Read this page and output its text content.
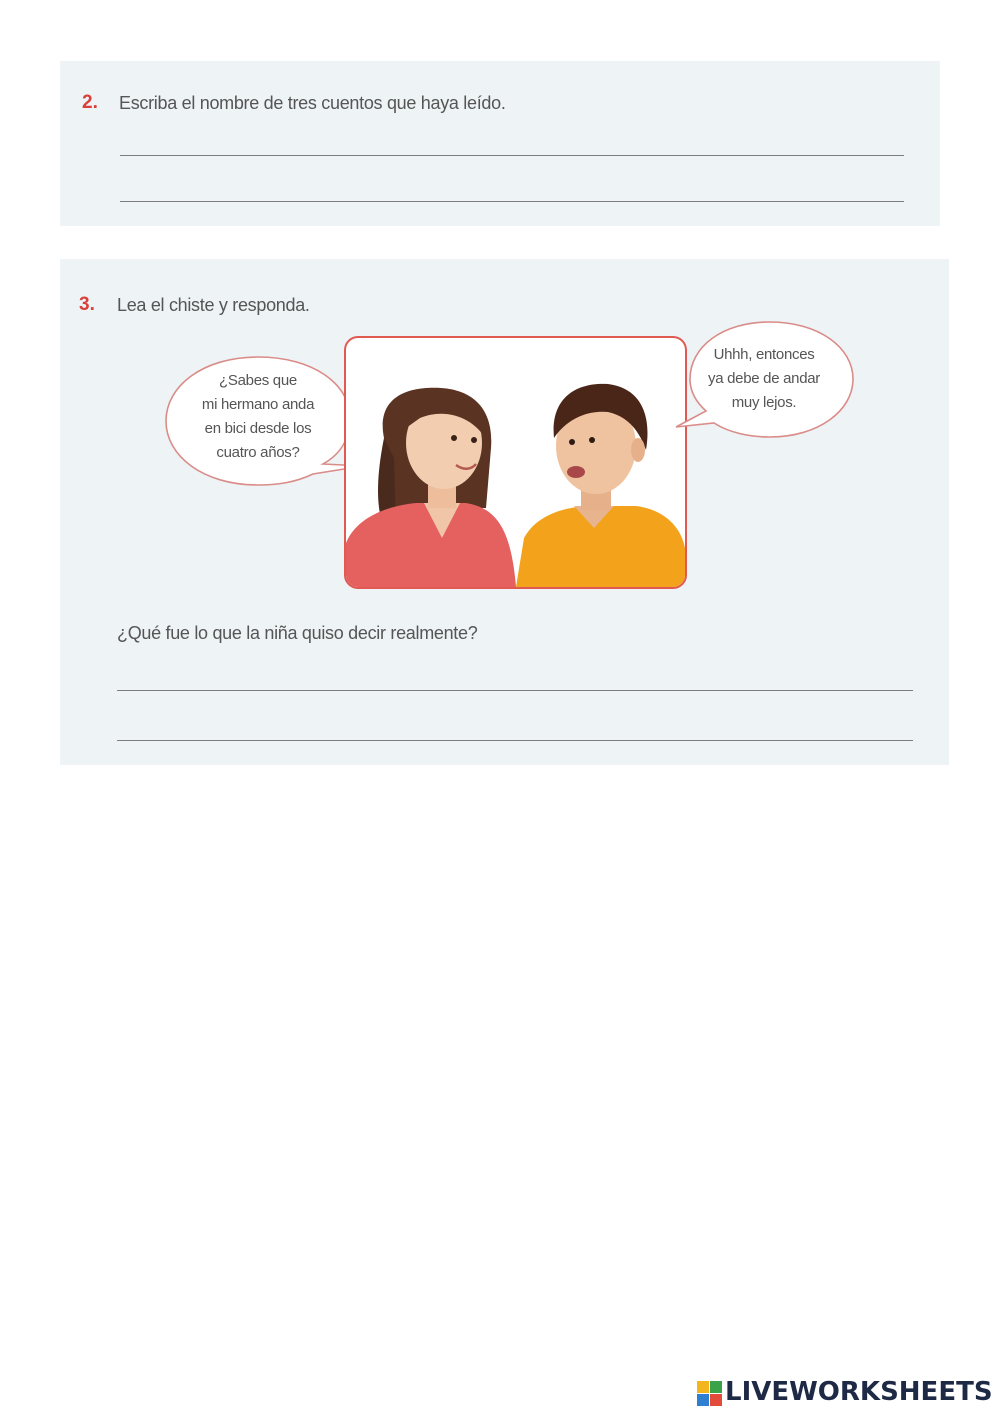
2. Escriba el nombre de tres cuentos que haya leído.
3. Lea el chiste y responda.
¿Sabes que
mi hermano anda
en bici desde los
cuatro años?
Uhhh, entonces
ya debe de andar
muy lejos.
¿Qué fue lo que la niña quiso decir realmente?
LIVEWORKSHEETS
